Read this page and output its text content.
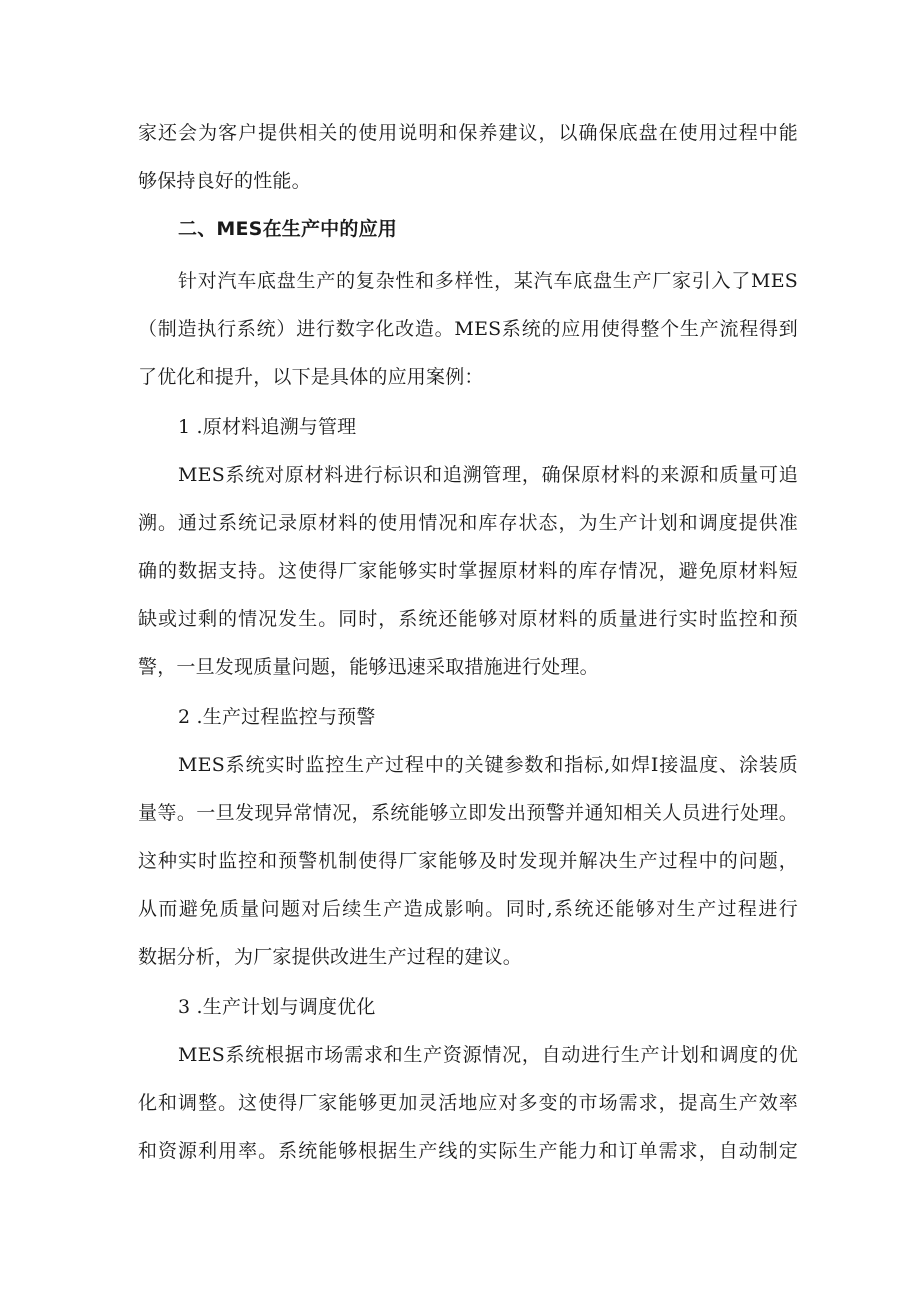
家还会为客户提供相关的使用说明和保养建议，以确保底盘在使用过程中能
够保持良好的性能。
二、MES在生产中的应用
针对汽车底盘生产的复杂性和多样性，某汽车底盘生产厂家引入了MES
（制造执行系统）进行数字化改造。MES系统的应用使得整个生产流程得到
了优化和提升，以下是具体的应用案例：
1 .原材料追溯与管理
MES系统对原材料进行标识和追溯管理，确保原材料的来源和质量可追
溯。通过系统记录原材料的使用情况和库存状态，为生产计划和调度提供准
确的数据支持。这使得厂家能够实时掌握原材料的库存情况，避免原材料短
缺或过剩的情况发生。同时，系统还能够对原材料的质量进行实时监控和预
警，一旦发现质量问题，能够迅速采取措施进行处理。
2 .生产过程监控与预警
MES系统实时监控生产过程中的关键参数和指标,如焊I接温度、涂装质
量等。一旦发现异常情况，系统能够立即发出预警并通知相关人员进行处理。
这种实时监控和预警机制使得厂家能够及时发现并解决生产过程中的问题，
从而避免质量问题对后续生产造成影响。同时,系统还能够对生产过程进行
数据分析，为厂家提供改进生产过程的建议。
3 .生产计划与调度优化
MES系统根据市场需求和生产资源情况，自动进行生产计划和调度的优
化和调整。这使得厂家能够更加灵活地应对多变的市场需求，提高生产效率
和资源利用率。系统能够根据生产线的实际生产能力和订单需求，自动制定
